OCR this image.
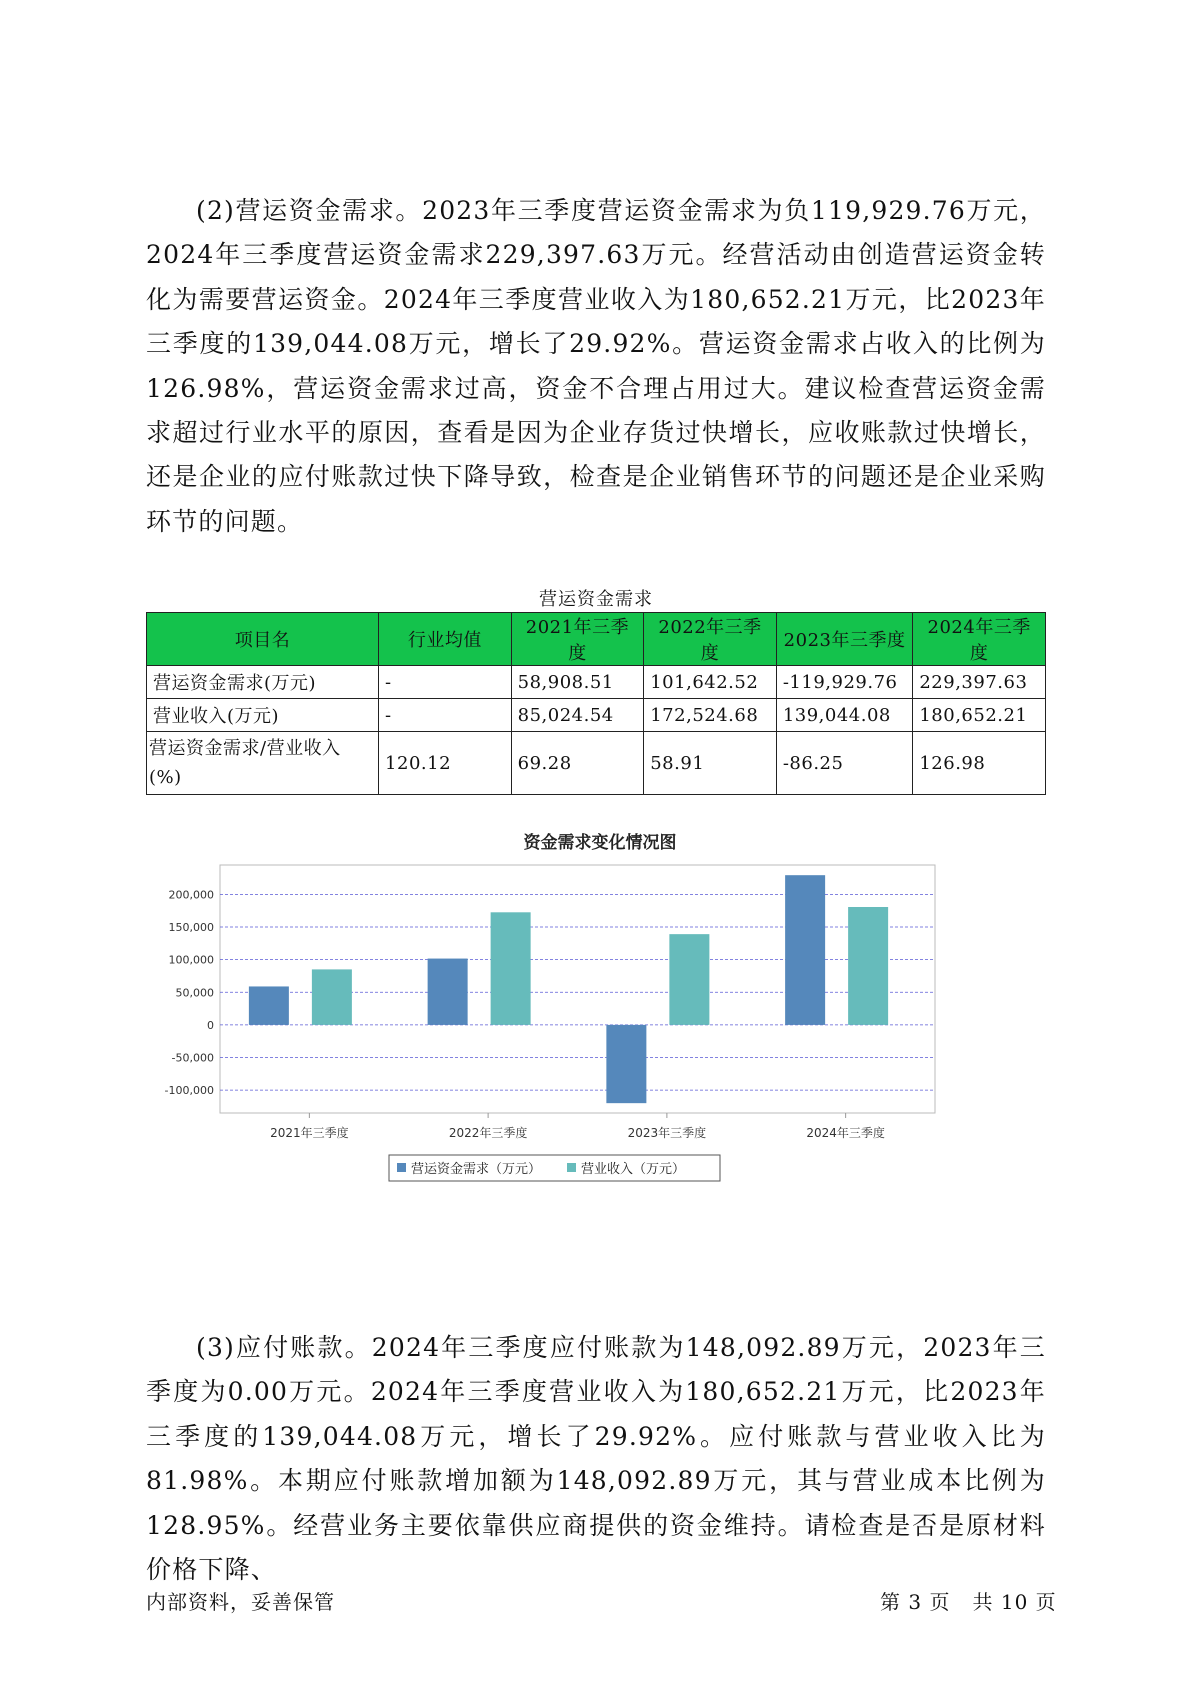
(2)营运资金需求。2023年三季度营运资金需求为负119,929.76万元，2024年三季度营运资金需求229,397.63万元。经营活动由创造营运资金转化为需要营运资金。2024年三季度营业收入为180,652.21万元，比2023年三季度的139,044.08万元，增长了29.92%。营运资金需求占收入的比例为126.98%，营运资金需求过高，资金不合理占用过大。建议检查营运资金需求超过行业水平的原因，查看是因为企业存货过快增长，应收账款过快增长，还是企业的应付账款过快下降导致，检查是企业销售环节的问题还是企业采购环节的问题。

营运资金需求
项目名	行业均值	2021年三季度	2022年三季度	2023年三季度	2024年三季度
营运资金需求(万元)	-	58,908.51	101,642.52	-119,929.76	229,397.63
营业收入(万元)	-	85,024.54	172,524.68	139,044.08	180,652.21
营运资金需求/营业收入(%)	120.12	69.28	58.91	-86.25	126.98
资金需求变化情况图
200,000
150,000
100,000
50,000
0
-50,000
-100,000
2021年三季度	2022年三季度	2023年三季度	2024年三季度
营运资金需求（万元）	营业收入（万元）

(3)应付账款。2024年三季度应付账款为148,092.89万元，2023年三季度为0.00万元。2024年三季度营业收入为180,652.21万元，比2023年三季度的139,044.08万元，增长了29.92%。应付账款与营业收入比为81.98%。本期应付账款增加额为148,092.89万元，其与营业成本比例为128.95%。经营业务主要依靠供应商提供的资金维持。请检查是否是原材料价格下降、

内部资料，妥善保管	第 3 页   共 10 页
